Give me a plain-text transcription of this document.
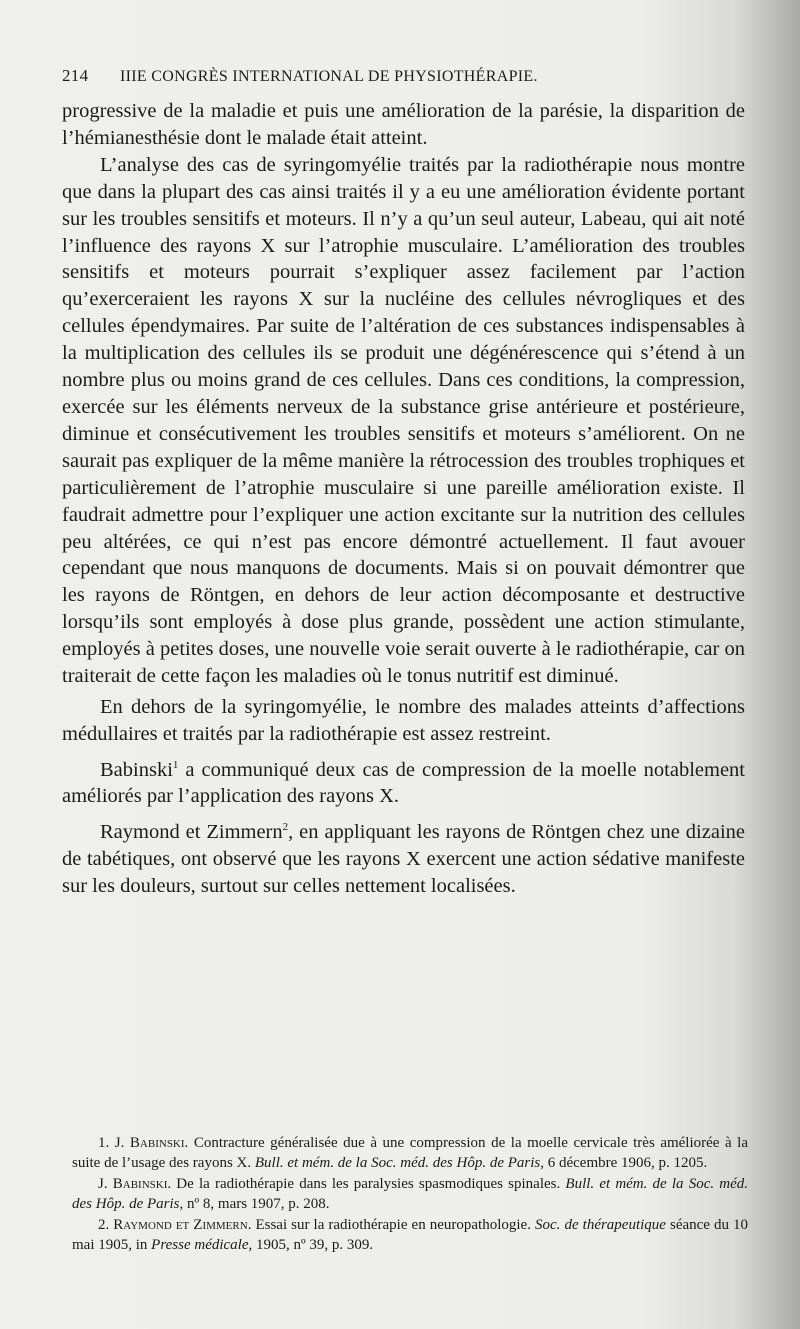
214 IIIE CONGRÈS INTERNATIONAL DE PHYSIOTHÉRAPIE.

progressive de la maladie et puis une amélioration de la parésie, la disparition de l’hémianesthésie dont le malade était atteint.

L’analyse des cas de syringomyélie traités par la radiothérapie nous montre que dans la plupart des cas ainsi traités il y a eu une amélioration évidente portant sur les troubles sensitifs et moteurs. Il n’y a qu’un seul auteur, Labeau, qui ait noté l’influence des rayons X sur l’atrophie musculaire. L’amélioration des troubles sensitifs et moteurs pourrait s’expliquer assez facilement par l’action qu’exerceraient les rayons X sur la nucléine des cellules névrogliques et des cellules épendymaires. Par suite de l’altération de ces substances indispensables à la multiplication des cellules ils se produit une dégénérescence qui s’étend à un nombre plus ou moins grand de ces cellules. Dans ces conditions, la compression, exercée sur les éléments nerveux de la substance grise antérieure et postérieure, diminue et consécutivement les troubles sensitifs et moteurs s’améliorent. On ne saurait pas expliquer de la même manière la rétrocession des troubles trophiques et particulièrement de l’atrophie musculaire si une pareille amélioration existe. Il faudrait admettre pour l’expliquer une action excitante sur la nutrition des cellules peu altérées, ce qui n’est pas encore démontré actuellement. Il faut avouer cependant que nous manquons de documents. Mais si on pouvait démontrer que les rayons de Röntgen, en dehors de leur action décomposante et destructive lorsqu’ils sont employés à dose plus grande, possèdent une action stimulante, employés à petites doses, une nouvelle voie serait ouverte à le radiothérapie, car on traiterait de cette façon les maladies où le tonus nutritif est diminué.

En dehors de la syringomyélie, le nombre des malades atteints d’affections médullaires et traités par la radiothérapie est assez restreint.

Babinski$^1$ a communiqué deux cas de compression de la moelle notablement améliorés par l’application des rayons X.

Raymond et Zimmern$^2$, en appliquant les rayons de Röntgen chez une dizaine de tabétiques, ont observé que les rayons X exercent une action sédative manifeste sur les douleurs, surtout sur celles nettement localisées.

1. J. Babinski. Contracture généralisée due à une compression de la moelle cervicale très améliorée à la suite de l’usage des rayons X. Bull. et mém. de la Soc. méd. des Hôp. de Paris, 6 décembre 1906, p. 1205.

J. Babinski. De la radiothérapie dans les paralysies spasmodiques spinales. Bull. et mém. de la Soc. méd. des Hôp. de Paris, nº 8, mars 1907, p. 208.

2. Raymond et Zimmern. Essai sur la radiothérapie en neuropathologie. Soc. de thérapeutique séance du 10 mai 1905, in Presse médicale, 1905, nº 39, p. 309.
